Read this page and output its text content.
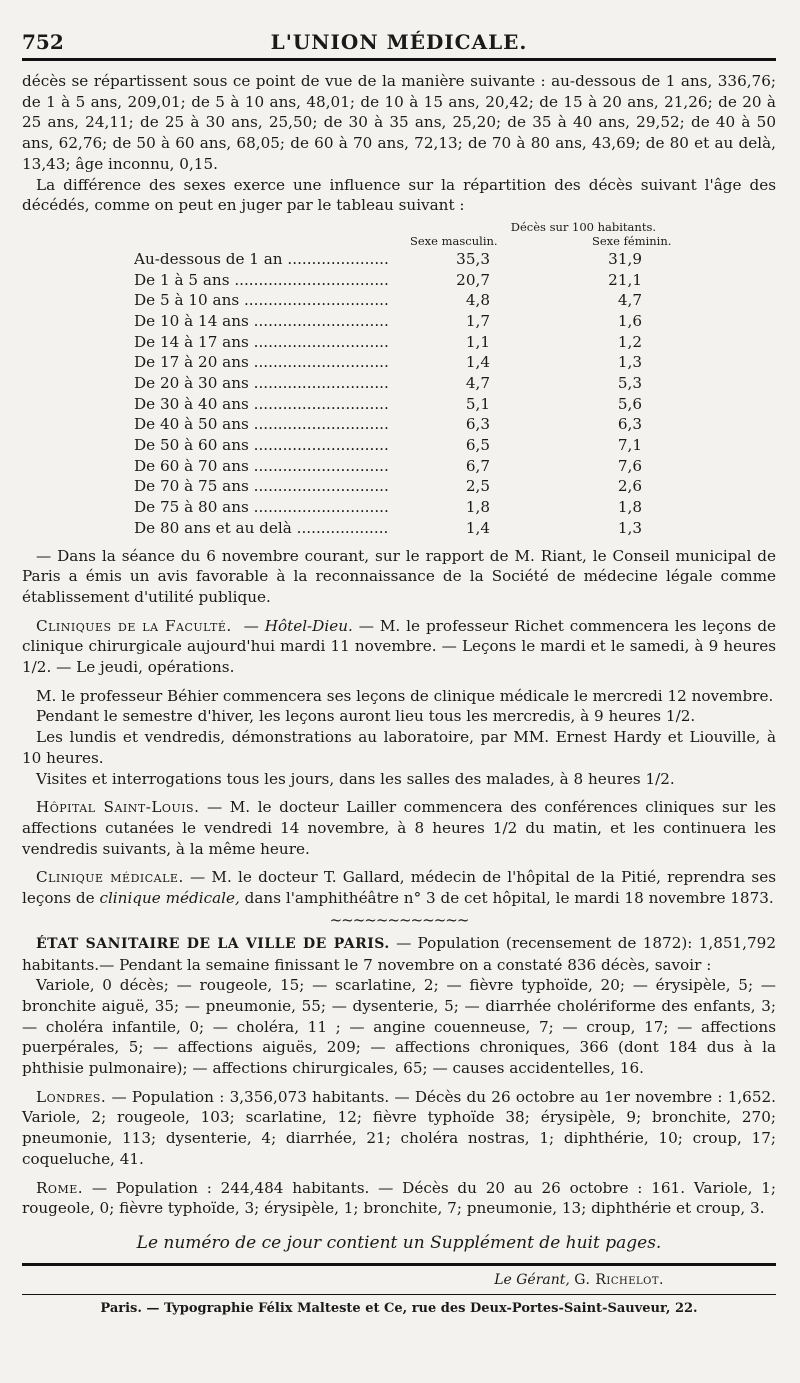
752	L'UNION MÉDICALE.

décès se répartissent sous ce point de vue de la manière suivante : au-dessous de 1 ans, 336,76; de 1 à 5 ans, 209,01; de 5 à 10 ans, 48,01; de 10 à 15 ans, 20,42; de 15 à 20 ans, 21,26; de 20 à 25 ans, 24,11; de 25 à 30 ans, 25,50; de 30 à 35 ans, 25,20; de 35 à 40 ans, 29,52; de 40 à 50 ans, 62,76; de 50 à 60 ans, 68,05; de 60 à 70 ans, 72,13; de 70 à 80 ans, 43,69; de 80 et au delà, 13,43; âge inconnu, 0,15.

La différence des sexes exerce une influence sur la répartition des décès suivant l'âge des décédés, comme on peut en juger par le tableau suivant :

Décès sur 100 habitants.
Sexe masculin.	Sexe féminin.
Au-dessous de 1 an .....	35,3	31,9
De 1 à 5 ans .....	20,7	21,1
De 5 à 10 ans .....	4,8	4,7
De 10 à 14 ans .....	1,7	1,6
De 14 à 17 ans .....	1,1	1,2
De 17 à 20 ans .....	1,4	1,3
De 20 à 30 ans .....	4,7	5,3
De 30 à 40 ans .....	5,1	5,6
De 40 à 50 ans .....	6,3	6,3
De 50 à 60 ans .....	6,5	7,1
De 60 à 70 ans .....	6,7	7,6
De 70 à 75 ans .....	2,5	2,6
De 75 à 80 ans .....	1,8	1,8
De 80 ans et au delà .....	1,4	1,3

— Dans la séance du 6 novembre courant, sur le rapport de M. Riant, le Conseil municipal de Paris a émis un avis favorable à la reconnaissance de la Société de médecine légale comme établissement d'utilité publique.

Cliniques de la Faculté.  — Hôtel-Dieu. — M. le professeur Richet commencera les leçons de clinique chirurgicale aujourd'hui mardi 11 novembre. — Leçons le mardi et le samedi, à 9 heures 1/2. — Le jeudi, opérations.

M. le professeur Béhier commencera ses leçons de clinique médicale le mercredi 12 novembre.

Pendant le semestre d'hiver, les leçons auront lieu tous les mercredis, à 9 heures 1/2.

Les lundis et vendredis, démonstrations au laboratoire, par MM. Ernest Hardy et Liouville, à 10 heures.

Visites et interrogations tous les jours, dans les salles des malades, à 8 heures 1/2.

Hôpital Saint-Louis. — M. le docteur Lailler commencera des conférences cliniques sur les affections cutanées le vendredi 14 novembre, à 8 heures 1/2 du matin, et les continuera les vendredis suivants, à la même heure.

Clinique médicale. — M. le docteur T. Gallard, médecin de l'hôpital de la Pitié, reprendra ses leçons de clinique médicale, dans l'amphithéâtre n° 3 de cet hôpital, le mardi 18 novembre 1873.

~~~~~~~~~~~~

ÉTAT SANITAIRE DE LA VILLE DE PARIS. — Population (recensement de 1872): 1,851,792 habitants.— Pendant la semaine finissant le 7 novembre on a constaté 836 décès, savoir :

Variole, 0 décès; — rougeole, 15; — scarlatine, 2; — fièvre typhoïde, 20; — érysipèle, 5; — bronchite aiguë, 35; — pneumonie, 55; — dysenterie, 5; — diarrhée cholériforme des enfants, 3; — choléra infantile, 0; — choléra, 11 ; — angine couenneuse, 7; — croup, 17; — affections puerpérales, 5; — affections aiguës, 209; — affections chroniques, 366 (dont 184 dus à la phthisie pulmonaire); — affections chirurgicales, 65; — causes accidentelles, 16.

Londres. — Population : 3,356,073 habitants. — Décès du 26 octobre au 1er novembre : 1,652. Variole, 2; rougeole, 103; scarlatine, 12; fièvre typhoïde 38; érysipèle, 9; bronchite, 270; pneumonie, 113; dysenterie, 4; diarrhée, 21; choléra nostras, 1; diphthérie, 10; croup, 17; coqueluche, 41.

Rome. — Population : 244,484 habitants. — Décès du 20 au 26 octobre : 161. Variole, 1; rougeole, 0; fièvre typhoïde, 3; érysipèle, 1; bronchite, 7; pneumonie, 13; diphthérie et croup, 3.

Le numéro de ce jour contient un Supplément de huit pages.
Le Gérant, G. Richelot.
Paris. — Typographie Félix Malteste et Ce, rue des Deux-Portes-Saint-Sauveur, 22.
